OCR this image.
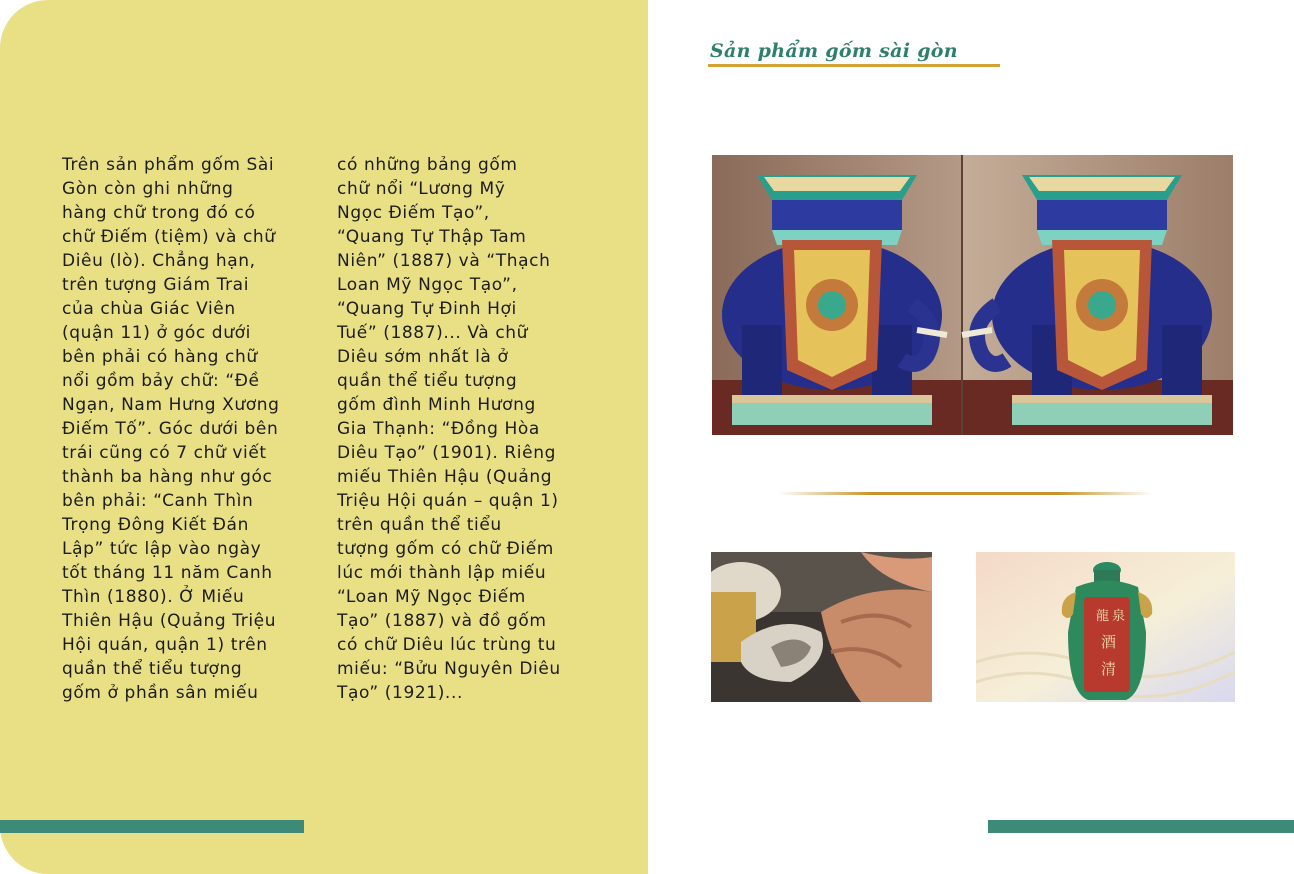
Trên sản phẩm gốm Sài
Gòn còn ghi những
hàng chữ trong đó có
chữ Điếm (tiệm) và chữ
Diêu (lò). Chẳng hạn,
trên tượng Giám Trai
của chùa Giác Viên
(quận 11) ở góc dưới
bên phải có hàng chữ
nổi gồm bảy chữ: “Đề
Ngạn, Nam Hưng Xương
Điếm Tố”. Góc dưới bên
trái cũng có 7 chữ viết
thành ba hàng như góc
bên phải: “Canh Thìn
Trọng Đông Kiết Đán
Lập” tức lập vào ngày
tốt tháng 11 năm Canh
Thìn (1880). Ở Miếu
Thiên Hậu (Quảng Triệu
Hội quán, quận 1) trên
quần thể tiểu tượng
gốm ở phần sân miếu
có những bảng gốm
chữ nổi “Lương Mỹ
Ngọc Điếm Tạo”,
“Quang Tự Thập Tam
Niên” (1887) và “Thạch
Loan Mỹ Ngọc Tạo”,
“Quang Tự Đinh Hợi
Tuế” (1887)... Và chữ
Diêu sớm nhất là ở
quần thể tiểu tượng
gốm đình Minh Hương
Gia Thạnh: “Đồng Hòa
Diêu Tạo” (1901). Riêng
miếu Thiên Hậu (Quảng
Triệu Hội quán – quận 1)
trên quần thể tiểu
tượng gốm có chữ Điếm
lúc mới thành lập miếu
“Loan Mỹ Ngọc Điếm
Tạo” (1887) và đồ gốm
có chữ Diêu lúc trùng tu
miếu: “Bửu Nguyên Diêu
Tạo” (1921)...
Sản phẩm gốm sài gòn
龍 泉
酒
清
